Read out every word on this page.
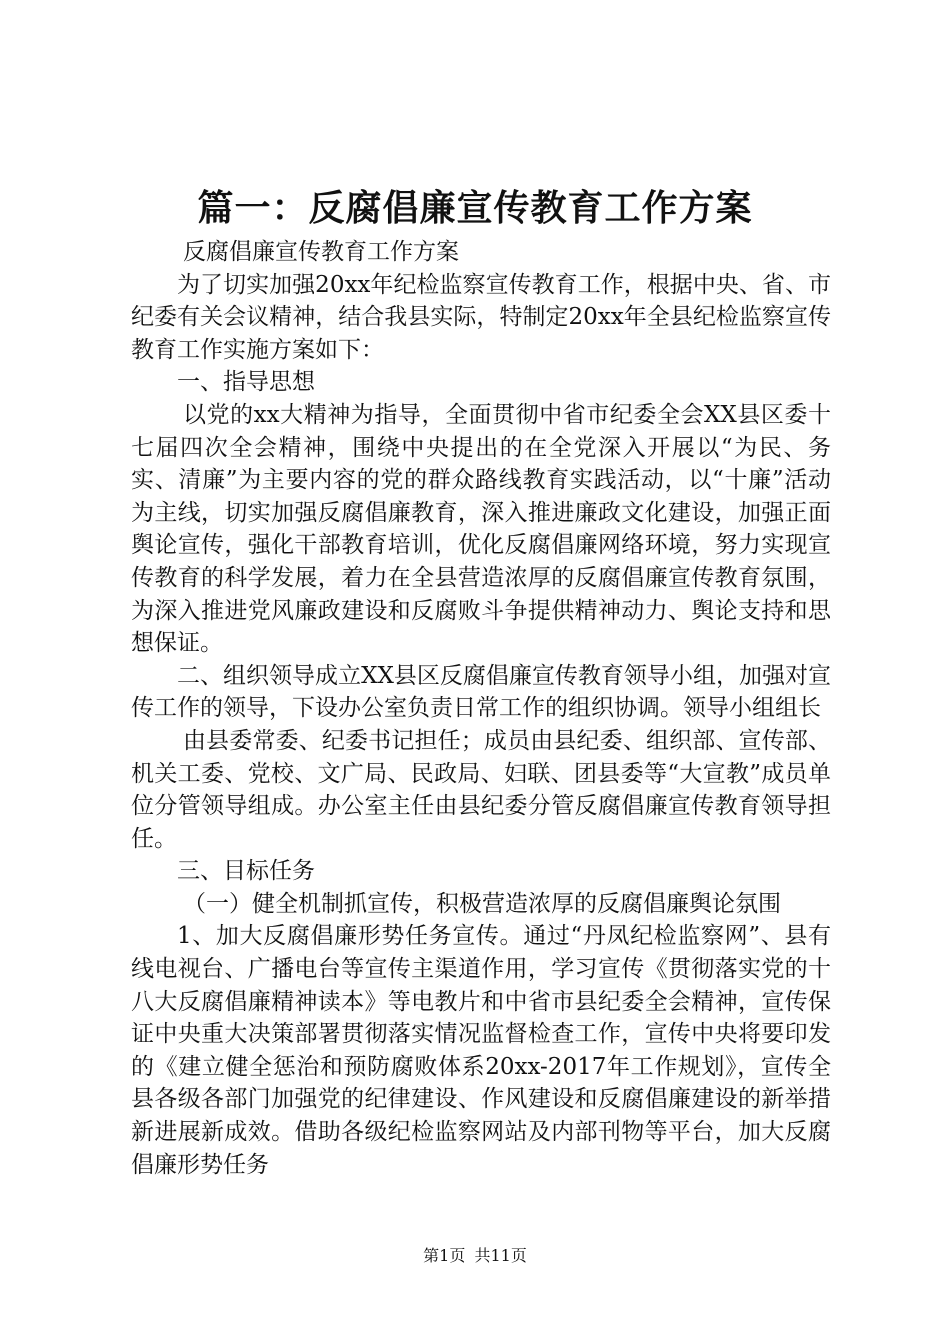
篇一：反腐倡廉宣传教育工作方案

反腐倡廉宣传教育工作方案

为了切实加强20xx年纪检监察宣传教育工作，根据中央、省、市纪委有关会议精神，结合我县实际，特制定20xx年全县纪检监察宣传教育工作实施方案如下：

一、指导思想

以党的xx大精神为指导，全面贯彻中省市纪委全会XX县区委十七届四次全会精神，围绕中央提出的在全党深入开展以“为民、务实、清廉”为主要内容的党的群众路线教育实践活动，以“十廉”活动为主线，切实加强反腐倡廉教育，深入推进廉政文化建设，加强正面舆论宣传，强化干部教育培训，优化反腐倡廉网络环境，努力实现宣传教育的科学发展，着力在全县营造浓厚的反腐倡廉宣传教育氛围，为深入推进党风廉政建设和反腐败斗争提供精神动力、舆论支持和思想保证。

二、组织领导成立XX县区反腐倡廉宣传教育领导小组，加强对宣传工作的领导，下设办公室负责日常工作的组织协调。领导小组组长

由县委常委、纪委书记担任；成员由县纪委、组织部、宣传部、机关工委、党校、文广局、民政局、妇联、团县委等“大宣教”成员单位分管领导组成。办公室主任由县纪委分管反腐倡廉宣传教育领导担任。

三、目标任务

（一）健全机制抓宣传，积极营造浓厚的反腐倡廉舆论氛围

1、加大反腐倡廉形势任务宣传。通过“丹凤纪检监察网”、县有线电视台、广播电台等宣传主渠道作用，学习宣传《贯彻落实党的十八大反腐倡廉精神读本》等电教片和中省市县纪委全会精神，宣传保证中央重大决策部署贯彻落实情况监督检查工作，宣传中央将要印发的《建立健全惩治和预防腐败体系20xx-2017年工作规划》，宣传全县各级各部门加强党的纪律建设、作风建设和反腐倡廉建设的新举措新进展新成效。借助各级纪检监察网站及内部刊物等平台，加大反腐倡廉形势任务

第1页 共11页
